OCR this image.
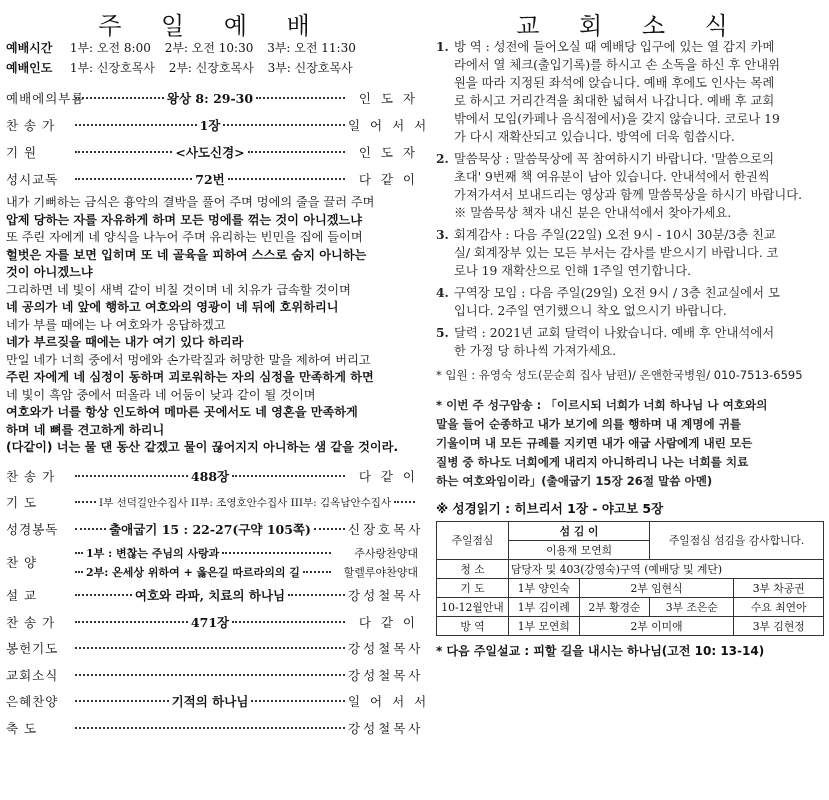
주 일 예 배
예배시간 1부: 오전 8:00 2부: 오전 10:30 3부: 오전 11:30
예배인도 1부: 신장호목사 2부: 신장호목사 3부: 신장호목사
예배에의부름	왕상 8: 29-30	인 도 자
찬 송 가	1장	일 어 서 서
기 원	<사도신경>	인 도 자
성시교독	72번	다 같 이
내가 기뻐하는 금식은 흉악의 결박을 풀어 주며 멍에의 줄을 끌러 주며
압제 당하는 자를 자유하게 하며 모든 멍에를 꺾는 것이 아니겠느냐
또 주린 자에게 네 양식을 나누어 주며 유리하는 빈민을 집에 들이며
헐벗은 자를 보면 입히며 또 네 골육을 피하여 스스로 숨지 아니하는
것이 아니겠느냐
그리하면 네 빛이 새벽 같이 비칠 것이며 네 치유가 급속할 것이며
네 공의가 네 앞에 행하고 여호와의 영광이 네 뒤에 호위하리니
네가 부를 때에는 나 여호와가 응답하겠고
네가 부르짖을 때에는 내가 여기 있다 하리라
만일 네가 너희 중에서 멍에와 손가락질과 허망한 말을 제하여 버리고
주린 자에게 네 심정이 동하며 괴로워하는 자의 심정을 만족하게 하면
네 빛이 흑암 중에서 떠올라 네 어둠이 낮과 같이 될 것이며
여호와가 너를 항상 인도하여 메마른 곳에서도 네 영혼을 만족하게
하며 네 뼈를 견고하게 하리니
(다같이) 너는 물 댄 동산 같겠고 물이 끊어지지 아니하는 샘 같을 것이라.
찬 송 가	488장	다 같 이
기 도	I부 선덕길안수집사 II부: 조영호안수집사 III부: 김옥남안수집사
성경봉독	출애굽기 15 : 22-27(구약 105쪽)	신장호목사
찬 양
1부 : 변찮는 주님의 사랑과	주사랑찬양대
2부: 온세상 위하여 + 옳은길 따르라의의 길	할렐루야찬양대
설 교	여호와 라파, 치료의 하나님	강성철목사
찬 송 가	471장	다 같 이
봉헌기도	강성철목사
교회소식	강성철목사
은혜찬양	기적의 하나님	일 어 서 서
축 도	강성철목사
교 회 소 식
1. 방 역 : 성전에 들어오실 때 예배당 입구에 있는 열 감지 카메
라에서 열 체크(출입기록)를 하시고 손 소독을 하신 후 안내위
원을 따라 지정된 좌석에 앉습니다. 예배 후에도 인사는 목례
로 하시고 거리간격을 최대한 넓혀서 나갑니다. 예배 후 교회
밖에서 모임(카페나 음식점에서)을 갖지 않습니다. 코로나 19
가 다시 재확산되고 있습니다. 방역에 더욱 힘씁시다.
2. 말씀묵상 : 말씀묵상에 꼭 참여하시기 바랍니다. '말씀으로의
초대' 9번째 책 여유분이 남아 있습니다. 안내석에서 한권씩
가져가셔서 보내드리는 영상과 함께 말씀묵상을 하시기 바랍니다.
※ 말씀묵상 책자 내신 분은 안내석에서 찾아가세요.
3. 회계감사 : 다음 주일(22일) 오전 9시 - 10시 30분/3층 친교
실/ 회계장부 있는 모든 부서는 감사를 받으시기 바랍니다. 코
로나 19 재확산으로 인해 1주일 연기합니다.
4. 구역장 모임 : 다음 주일(29일) 오전 9시 / 3층 친교실에서 모
입니다. 2주일 연기했으니 착오 없으시기 바랍니다.
5. 달력 : 2021년 교회 달력이 나왔습니다. 예배 후 안내석에서
한 가정 당 하나씩 가져가세요.
* 입원 : 유영숙 성도(문순희 집사 남편)/ 온앤한국병원/ 010-7513-6595
* 이번 주 성구암송 : 「이르시되 너희가 너희 하나님 나 여호와의
말을 들어 순종하고 내가 보기에 의를 행하며 내 계명에 귀를
기울이며 내 모든 규례를 지키면 내가 애굽 사람에게 내린 모든
질병 중 하나도 너희에게 내리지 아니하리니 나는 너희를 치료
하는 여호와임이라」(출애굽기 15장 26절 말씀 아멘)
※ 성경읽기 : 히브리서 1장 - 야고보 5장
주일점심	섬 김 이		주일점심 섬김을 감사합니다.	
	이용재 모연희			
청 소	담당자 및 403(강영숙)구역 (예배당 및 계단)			
기 도	1부 양인숙	2부 임현식		3부 차공권
10-12월안내	1부 김이례	2부 황경순	3부 조은순	수요 최연아
방 역	1부 모연희	2부 이미애		3부 김현정
* 다음 주일설교 : 피할 길을 내시는 하나님(고전 10: 13-14)
